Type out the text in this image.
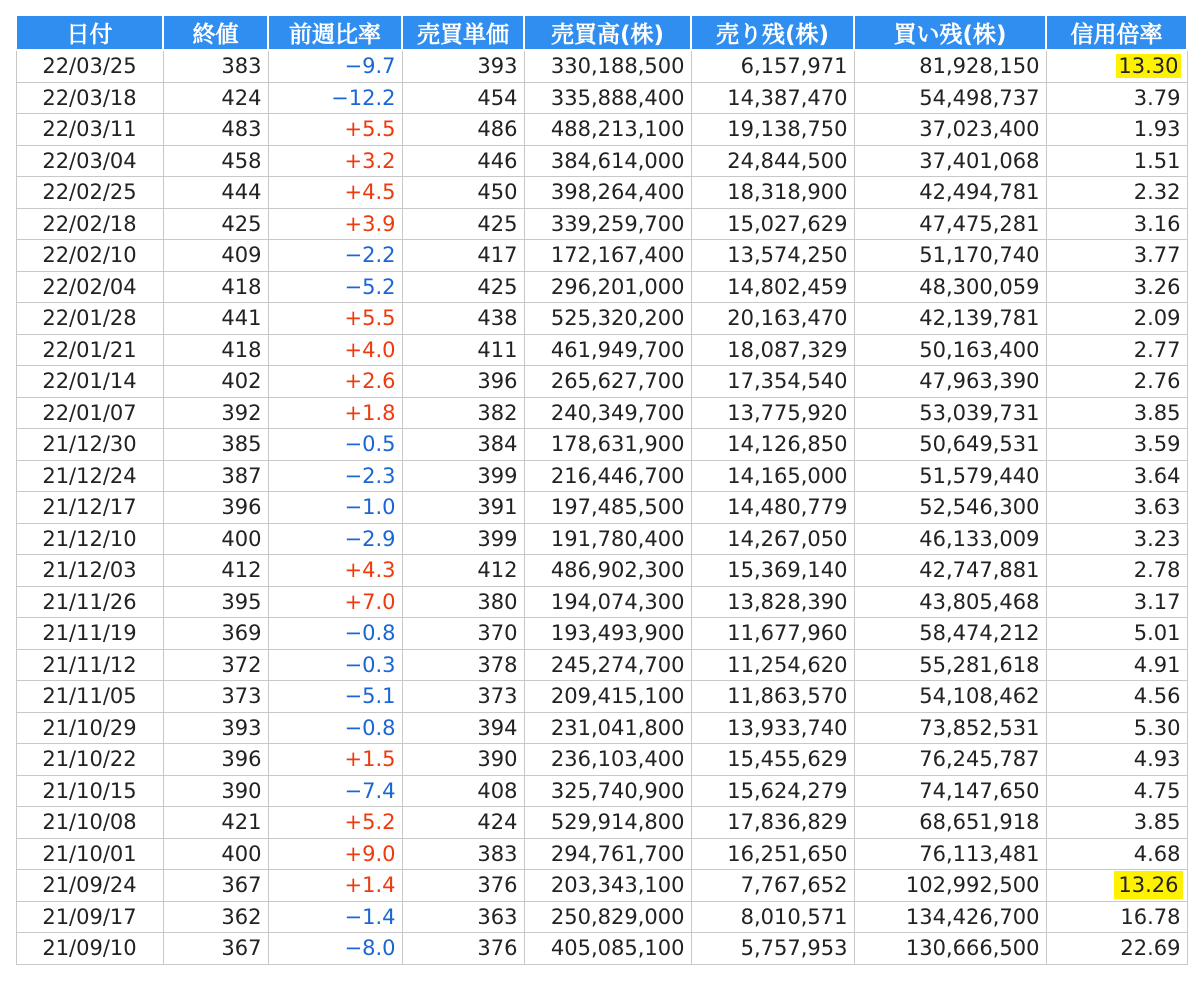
日付	終値	前週比率	売買単価	売買高(株)	売り残(株)	買い残(株)	信用倍率
22/03/25	383	−9.7	393	330,188,500	6,157,971	81,928,150	13.30
22/03/18	424	−12.2	454	335,888,400	14,387,470	54,498,737	3.79
22/03/11	483	+5.5	486	488,213,100	19,138,750	37,023,400	1.93
22/03/04	458	+3.2	446	384,614,000	24,844,500	37,401,068	1.51
22/02/25	444	+4.5	450	398,264,400	18,318,900	42,494,781	2.32
22/02/18	425	+3.9	425	339,259,700	15,027,629	47,475,281	3.16
22/02/10	409	−2.2	417	172,167,400	13,574,250	51,170,740	3.77
22/02/04	418	−5.2	425	296,201,000	14,802,459	48,300,059	3.26
22/01/28	441	+5.5	438	525,320,200	20,163,470	42,139,781	2.09
22/01/21	418	+4.0	411	461,949,700	18,087,329	50,163,400	2.77
22/01/14	402	+2.6	396	265,627,700	17,354,540	47,963,390	2.76
22/01/07	392	+1.8	382	240,349,700	13,775,920	53,039,731	3.85
21/12/30	385	−0.5	384	178,631,900	14,126,850	50,649,531	3.59
21/12/24	387	−2.3	399	216,446,700	14,165,000	51,579,440	3.64
21/12/17	396	−1.0	391	197,485,500	14,480,779	52,546,300	3.63
21/12/10	400	−2.9	399	191,780,400	14,267,050	46,133,009	3.23
21/12/03	412	+4.3	412	486,902,300	15,369,140	42,747,881	2.78
21/11/26	395	+7.0	380	194,074,300	13,828,390	43,805,468	3.17
21/11/19	369	−0.8	370	193,493,900	11,677,960	58,474,212	5.01
21/11/12	372	−0.3	378	245,274,700	11,254,620	55,281,618	4.91
21/11/05	373	−5.1	373	209,415,100	11,863,570	54,108,462	4.56
21/10/29	393	−0.8	394	231,041,800	13,933,740	73,852,531	5.30
21/10/22	396	+1.5	390	236,103,400	15,455,629	76,245,787	4.93
21/10/15	390	−7.4	408	325,740,900	15,624,279	74,147,650	4.75
21/10/08	421	+5.2	424	529,914,800	17,836,829	68,651,918	3.85
21/10/01	400	+9.0	383	294,761,700	16,251,650	76,113,481	4.68
21/09/24	367	+1.4	376	203,343,100	7,767,652	102,992,500	13.26
21/09/17	362	−1.4	363	250,829,000	8,010,571	134,426,700	16.78
21/09/10	367	−8.0	376	405,085,100	5,757,953	130,666,500	22.69
